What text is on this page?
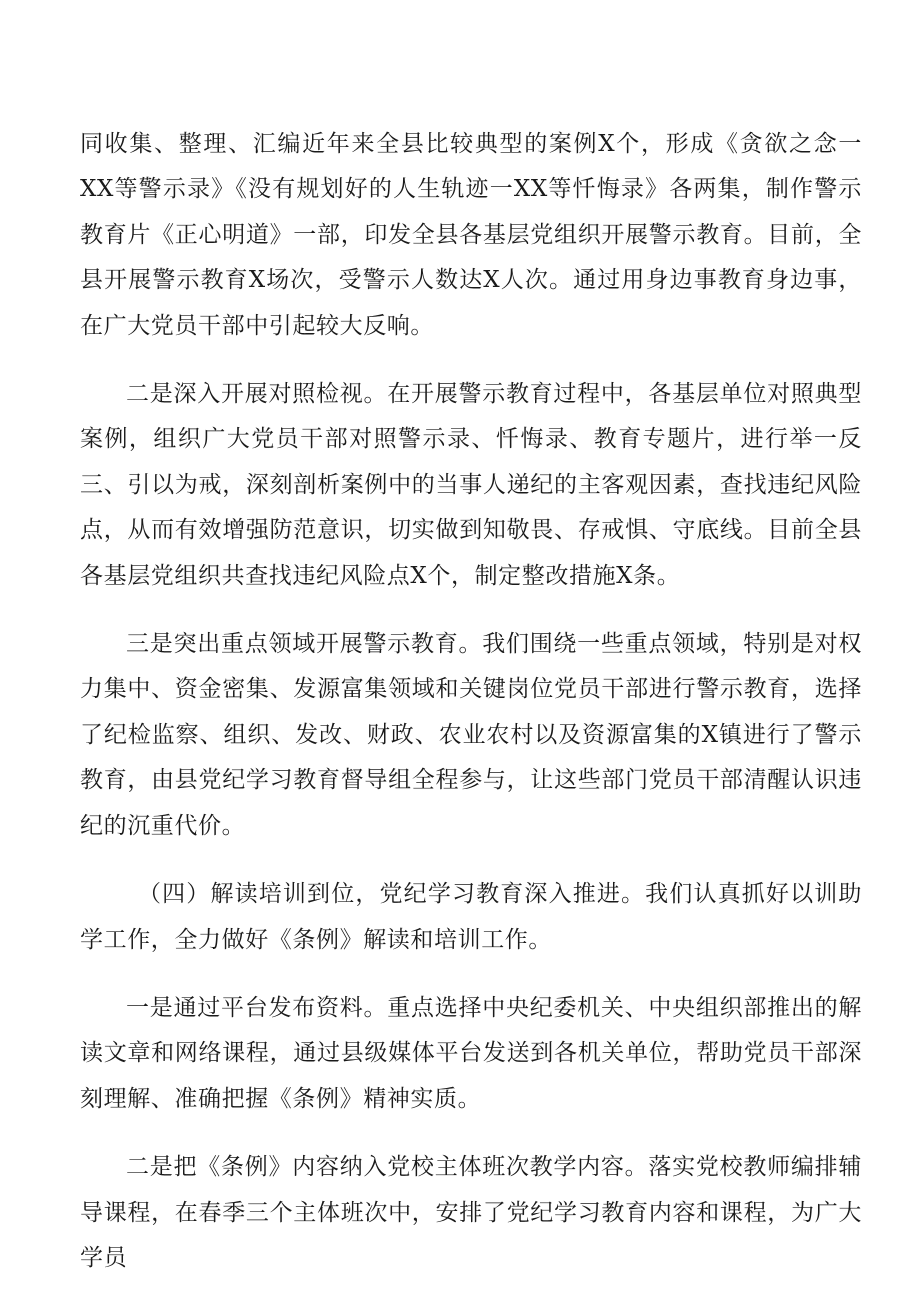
同收集、整理、汇编近年来全县比较典型的案例X个，形成《贪欲之念一XX等警示录》《没有规划好的人生轨迹一XX等忏悔录》各两集，制作警示教育片《正心明道》一部，印发全县各基层党组织开展警示教育。目前，全县开展警示教育X场次，受警示人数达X人次。通过用身边事教育身边事，在广大党员干部中引起较大反响。

二是深入开展对照检视。在开展警示教育过程中，各基层单位对照典型案例，组织广大党员干部对照警示录、忏悔录、教育专题片，进行举一反三、引以为戒，深刻剖析案例中的当事人递纪的主客观因素，查找违纪风险点，从而有效增强防范意识，切实做到知敬畏、存戒惧、守底线。目前全县各基层党组织共查找违纪风险点X个，制定整改措施X条。

三是突出重点领域开展警示教育。我们围绕一些重点领域，特别是对权力集中、资金密集、发源富集领域和关键岗位党员干部进行警示教育，选择了纪检监察、组织、发改、财政、农业农村以及资源富集的X镇进行了警示教育，由县党纪学习教育督导组全程参与，让这些部门党员干部清醒认识违纪的沉重代价。

（四）解读培训到位，党纪学习教育深入推进。我们认真抓好以训助学工作，全力做好《条例》解读和培训工作。

一是通过平台发布资料。重点选择中央纪委机关、中央组织部推出的解读文章和网络课程，通过县级媒体平台发送到各机关单位，帮助党员干部深刻理解、准确把握《条例》精神实质。

二是把《条例》内容纳入党校主体班次教学内容。落实党校教师编排辅导课程，在春季三个主体班次中，安排了党纪学习教育内容和课程，为广大学员
